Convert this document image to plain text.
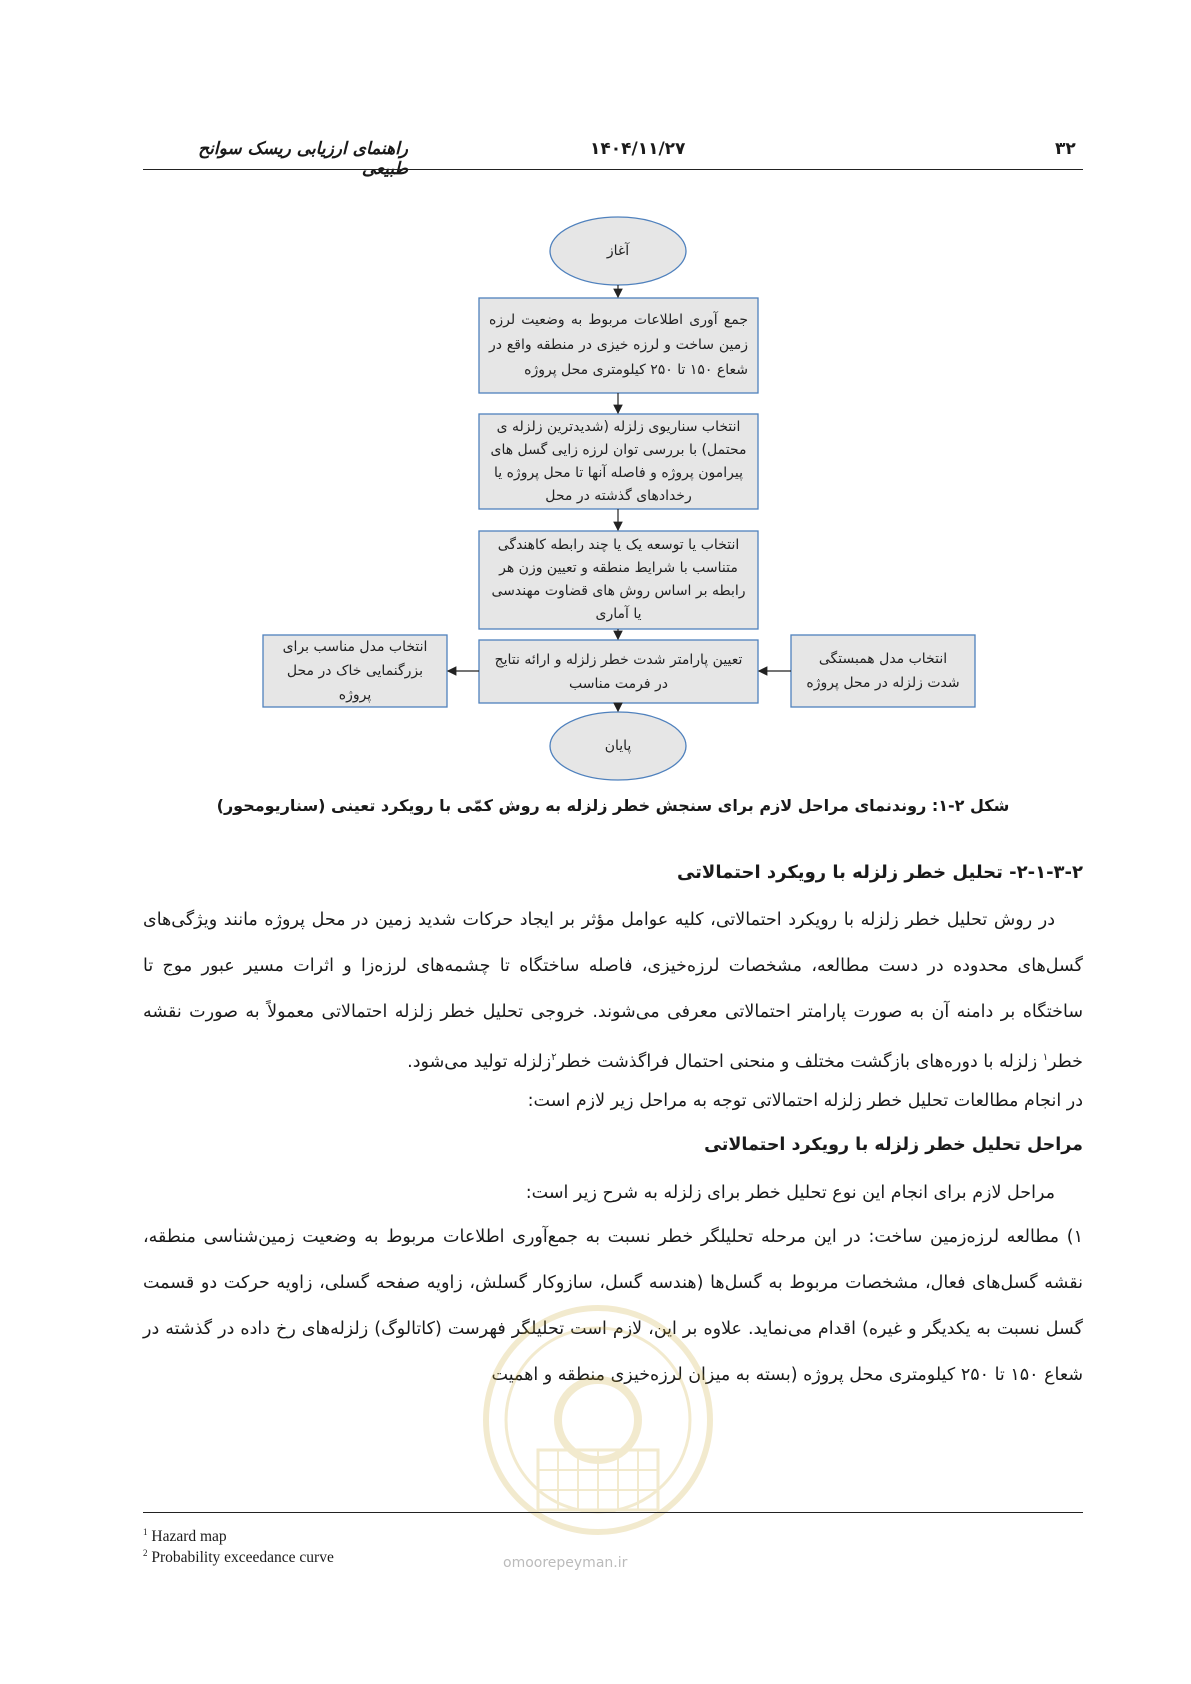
۳۲
۱۴۰۴/۱۱/۲۷
راهنمای ارزیابی ریسک سوانح طبیعی
آغاز
جمع آوری اطلاعات مربوط به وضعیت لرزه زمین ساخت و لرزه خیزی در منطقه واقع در شعاع ۱۵۰ تا ۲۵۰ کیلومتری محل پروژه
انتخاب سناریوی زلزله (شدیدترین زلزله ی محتمل) با بررسی توان لرزه زایی گسل های پیرامون پروژه و فاصله آنها تا محل پروژه یا رخدادهای گذشته در محل
انتخاب یا توسعه یک یا چند رابطه کاهندگی متناسب با شرایط منطقه و تعیین وزن هر رابطه بر اساس روش های قضاوت مهندسی یا آماری
تعیین پارامتر شدت خطر زلزله و ارائه نتایج در فرمت مناسب
انتخاب مدل مناسب برای بزرگنمایی خاک در محل پروژه
انتخاب مدل همبستگی شدت زلزله در محل پروژه
پایان
شکل ۲-۱: روندنمای مراحل لازم برای سنجش خطر زلزله به روش کمّی با رویکرد تعینی (سناریومحور)
۲-۱-۳-۲- تحلیل خطر زلزله با رویکرد احتمالاتی
در روش تحلیل خطر زلزله با رویکرد احتمالاتی، کلیه عوامل مؤثر بر ایجاد حرکات شدید زمین در محل پروژه مانند ویژگی‌های گسل‌های محدوده در دست مطالعه، مشخصات لرزه‌خیزی، فاصله ساختگاه تا چشمه‌های لرزه‌زا و اثرات مسیر عبور موج تا ساختگاه بر دامنه آن به صورت پارامتر احتمالاتی معرفی می‌شوند. خروجی تحلیل خطر زلزله احتمالاتی معمولاً به صورت نقشه خطر$^۱$ زلزله با دوره‌های بازگشت مختلف و منحنی احتمال فراگذشت خطر$^۲$زلزله تولید می‌شود.
در انجام مطالعات تحلیل خطر زلزله احتمالاتی توجه به مراحل زیر لازم است:
مراحل تحلیل خطر زلزله با رویکرد احتمالاتی
مراحل لازم برای انجام این نوع تحلیل خطر برای زلزله به شرح زیر است:
۱) مطالعه لرزه‌زمین ساخت: در این مرحله تحلیلگر خطر نسبت به جمع‌آوری اطلاعات مربوط به وضعیت زمین‌شناسی منطقه، نقشه گسل‌های فعال، مشخصات مربوط به گسل‌ها (هندسه گسل، سازوکار گسلش، زاویه صفحه گسلی، زاویه حرکت دو قسمت گسل نسبت به یکدیگر و غیره) اقدام می‌نماید. علاوه بر این، لازم است تحلیلگر فهرست (کاتالوگ) زلزله‌های رخ داده در گذشته در شعاع ۱۵۰ تا ۲۵۰ کیلومتری محل پروژه (بسته به میزان لرزه‌خیزی منطقه و اهمیت
omoorepeyman.ir
$^1$ Hazard map
$^2$ Probability exceedance curve
